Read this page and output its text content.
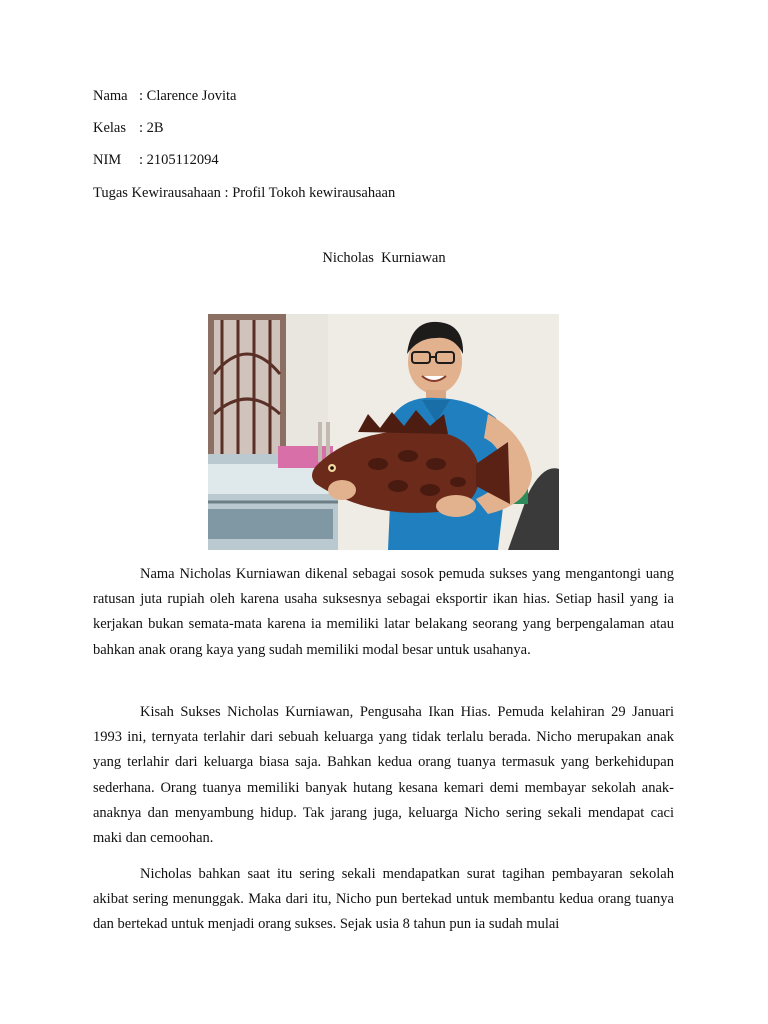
Nama : Clarence Jovita
Kelas : 2B
NIM : 2105112094
Tugas Kewirausahaan : Profil Tokoh kewirausahaan
Nicholas  Kurniawan

Nama Nicholas Kurniawan dikenal sebagai sosok pemuda sukses yang mengantongi uang ratusan juta rupiah oleh karena usaha suksesnya sebagai eksportir ikan hias. Setiap hasil yang ia kerjakan bukan semata-mata karena ia memiliki latar belakang seorang yang berpengalaman atau bahkan anak orang kaya yang sudah memiliki modal besar untuk usahanya.

Kisah Sukses Nicholas Kurniawan, Pengusaha Ikan Hias. Pemuda kelahiran 29 Januari 1993 ini, ternyata terlahir dari sebuah keluarga yang tidak terlalu berada. Nicho merupakan anak yang terlahir dari keluarga biasa saja. Bahkan kedua orang tuanya termasuk yang berkehidupan sederhana. Orang tuanya memiliki banyak hutang kesana kemari demi membayar sekolah anak-anaknya dan menyambung hidup. Tak jarang juga, keluarga Nicho sering sekali mendapat caci maki dan cemoohan.

Nicholas bahkan saat itu sering sekali mendapatkan surat tagihan pembayaran sekolah akibat sering menunggak. Maka dari itu, Nicho pun bertekad untuk membantu kedua orang tuanya dan bertekad untuk menjadi orang sukses. Sejak usia 8 tahun pun ia sudah mulai
